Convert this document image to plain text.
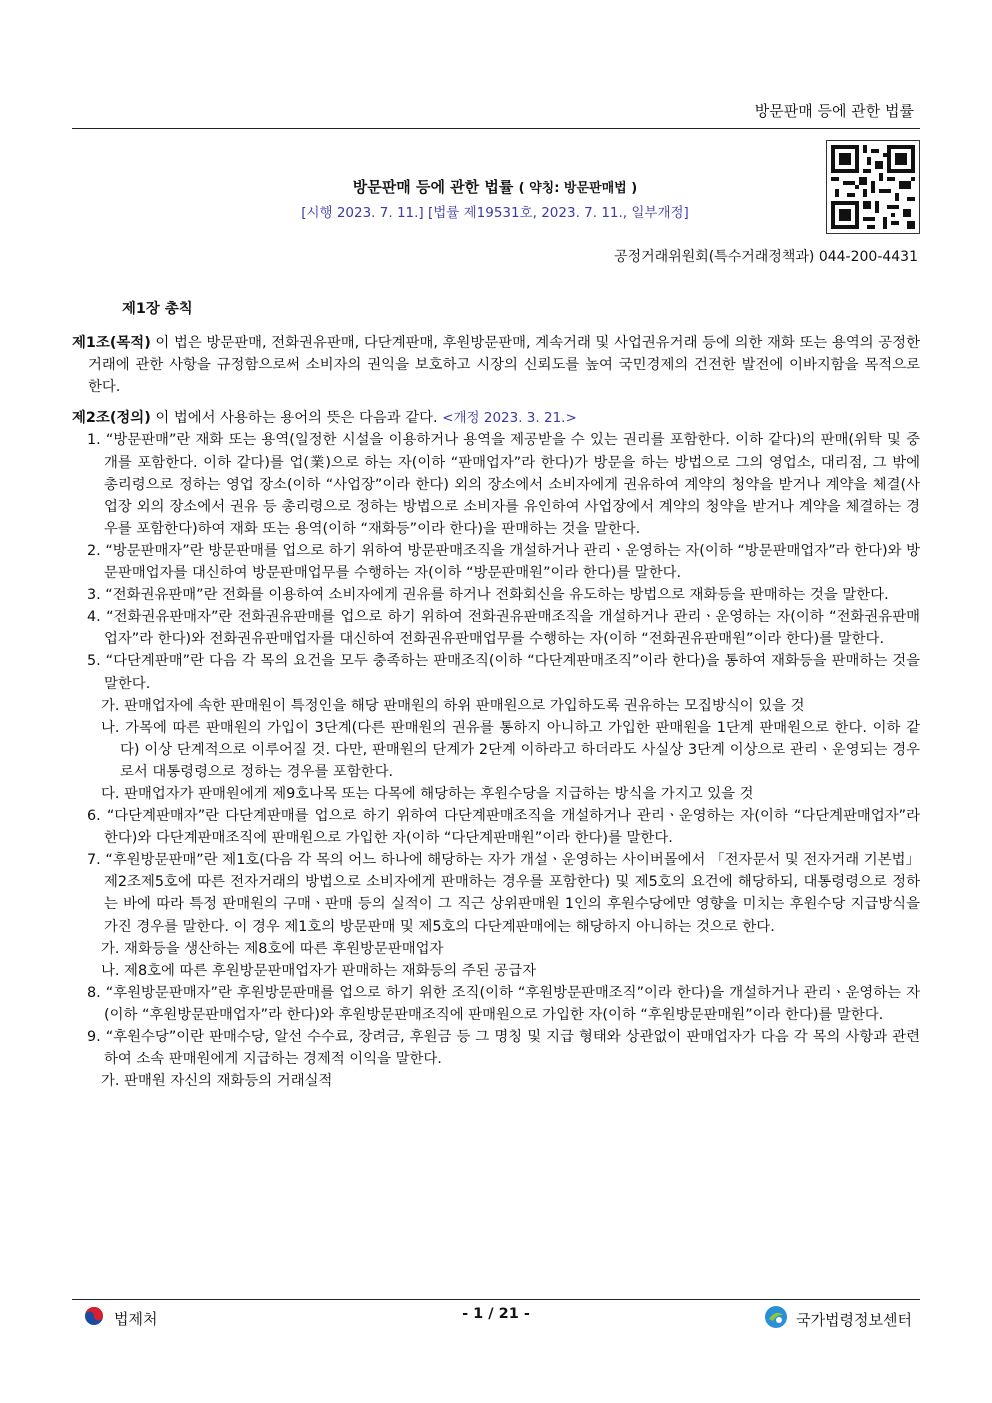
방문판매 등에 관한 법률
방문판매 등에 관한 법률 ( 약칭: 방문판매법 )
[시행 2023. 7. 11.] [법률 제19531호, 2023. 7. 11., 일부개정]
공정거래위원회(특수거래정책과) 044-200-4431
제1장 총칙
제1조(목적) 이 법은 방문판매, 전화권유판매, 다단계판매, 후원방문판매, 계속거래 및 사업권유거래 등에 의한 재화 또는 용역의 공정한 거래에 관한 사항을 규정함으로써 소비자의 권익을 보호하고 시장의 신뢰도를 높여 국민경제의 건전한 발전에 이바지함을 목적으로 한다.
제2조(정의) 이 법에서 사용하는 용어의 뜻은 다음과 같다. <개정 2023. 3. 21.>
1. “방문판매”란 재화 또는 용역(일정한 시설을 이용하거나 용역을 제공받을 수 있는 권리를 포함한다. 이하 같다)의 판매(위탁 및 중개를 포함한다. 이하 같다)를 업(業)으로 하는 자(이하 “판매업자”라 한다)가 방문을 하는 방법으로 그의 영업소, 대리점, 그 밖에 총리령으로 정하는 영업 장소(이하 “사업장”이라 한다) 외의 장소에서 소비자에게 권유하여 계약의 청약을 받거나 계약을 체결(사업장 외의 장소에서 권유 등 총리령으로 정하는 방법으로 소비자를 유인하여 사업장에서 계약의 청약을 받거나 계약을 체결하는 경우를 포함한다)하여 재화 또는 용역(이하 “재화등”이라 한다)을 판매하는 것을 말한다.
2. “방문판매자”란 방문판매를 업으로 하기 위하여 방문판매조직을 개설하거나 관리ㆍ운영하는 자(이하 “방문판매업자”라 한다)와 방문판매업자를 대신하여 방문판매업무를 수행하는 자(이하 “방문판매원”이라 한다)를 말한다.
3. “전화권유판매”란 전화를 이용하여 소비자에게 권유를 하거나 전화회신을 유도하는 방법으로 재화등을 판매하는 것을 말한다.
4. “전화권유판매자”란 전화권유판매를 업으로 하기 위하여 전화권유판매조직을 개설하거나 관리ㆍ운영하는 자(이하 “전화권유판매업자”라 한다)와 전화권유판매업자를 대신하여 전화권유판매업무를 수행하는 자(이하 “전화권유판매원”이라 한다)를 말한다.
5. “다단계판매”란 다음 각 목의 요건을 모두 충족하는 판매조직(이하 “다단계판매조직”이라 한다)을 통하여 재화등을 판매하는 것을 말한다.
가. 판매업자에 속한 판매원이 특정인을 해당 판매원의 하위 판매원으로 가입하도록 권유하는 모집방식이 있을 것
나. 가목에 따른 판매원의 가입이 3단계(다른 판매원의 권유를 통하지 아니하고 가입한 판매원을 1단계 판매원으로 한다. 이하 같다) 이상 단계적으로 이루어질 것. 다만, 판매원의 단계가 2단계 이하라고 하더라도 사실상 3단계 이상으로 관리ㆍ운영되는 경우로서 대통령령으로 정하는 경우를 포함한다.
다. 판매업자가 판매원에게 제9호나목 또는 다목에 해당하는 후원수당을 지급하는 방식을 가지고 있을 것
6. “다단계판매자”란 다단계판매를 업으로 하기 위하여 다단계판매조직을 개설하거나 관리ㆍ운영하는 자(이하 “다단계판매업자”라 한다)와 다단계판매조직에 판매원으로 가입한 자(이하 “다단계판매원”이라 한다)를 말한다.
7. “후원방문판매”란 제1호(다음 각 목의 어느 하나에 해당하는 자가 개설ㆍ운영하는 사이버몰에서 「전자문서 및 전자거래 기본법」 제2조제5호에 따른 전자거래의 방법으로 소비자에게 판매하는 경우를 포함한다) 및 제5호의 요건에 해당하되, 대통령령으로 정하는 바에 따라 특정 판매원의 구매ㆍ판매 등의 실적이 그 직근 상위판매원 1인의 후원수당에만 영향을 미치는 후원수당 지급방식을 가진 경우를 말한다. 이 경우 제1호의 방문판매 및 제5호의 다단계판매에는 해당하지 아니하는 것으로 한다.
가. 재화등을 생산하는 제8호에 따른 후원방문판매업자
나. 제8호에 따른 후원방문판매업자가 판매하는 재화등의 주된 공급자
8. “후원방문판매자”란 후원방문판매를 업으로 하기 위한 조직(이하 “후원방문판매조직”이라 한다)을 개설하거나 관리ㆍ운영하는 자(이하 “후원방문판매업자”라 한다)와 후원방문판매조직에 판매원으로 가입한 자(이하 “후원방문판매원”이라 한다)를 말한다.
9. “후원수당”이란 판매수당, 알선 수수료, 장려금, 후원금 등 그 명칭 및 지급 형태와 상관없이 판매업자가 다음 각 목의 사항과 관련하여 소속 판매원에게 지급하는 경제적 이익을 말한다.
가. 판매원 자신의 재화등의 거래실적
법제처	- 1 / 21 -	국가법령정보센터
